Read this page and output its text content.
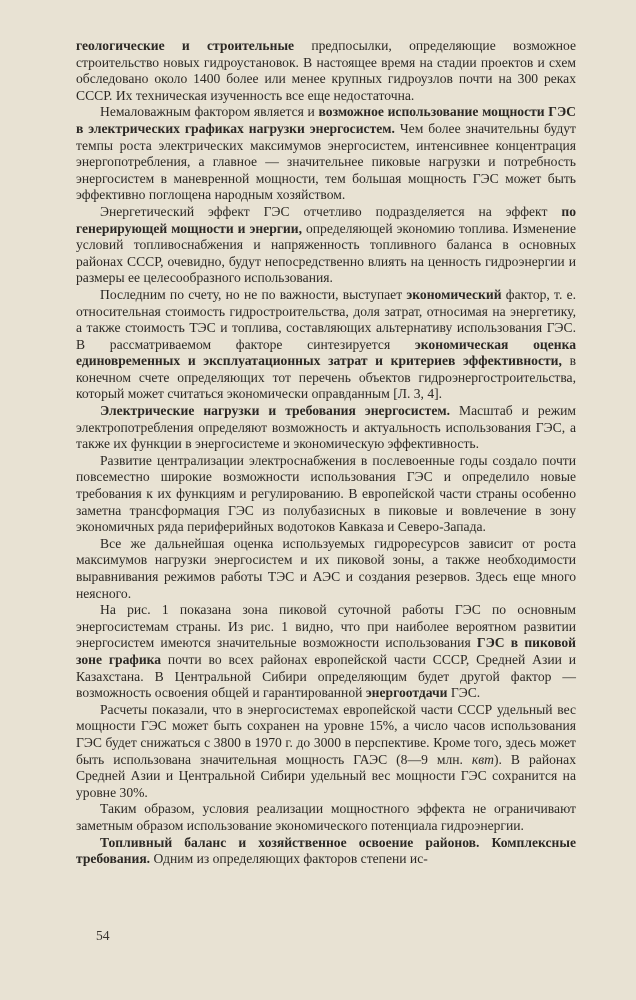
геологические и строительные предпосылки, определяющие возможное строительство новых гидроустановок. В настоящее время на стадии проектов и схем обследовано около 1400 более или менее крупных гидроузлов почти на 300 реках СССР. Их техническая изученность все еще недостаточна.

Немаловажным фактором является и возможное использование мощности ГЭС в электрических графиках нагрузки энергосистем. Чем более значительны будут темпы роста электрических максимумов энергосистем, интенсивнее концентрация энергопотребления, а главное — значительнее пиковые нагрузки и потребность энергосистем в маневренной мощности, тем большая мощность ГЭС может быть эффективно поглощена народным хозяйством.

Энергетический эффект ГЭС отчетливо подразделяется на эффект по генерирующей мощности и энергии, определяющей экономию топлива. Изменение условий топливоснабжения и напряженность топливного баланса в основных районах СССР, очевидно, будут непосредственно влиять на ценность гидроэнергии и размеры ее целесообразного использования.

Последним по счету, но не по важности, выступает экономический фактор, т. е. относительная стоимость гидростроительства, доля затрат, относимая на энергетику, а также стоимость ТЭС и топлива, составляющих альтернативу использования ГЭС. В рассматриваемом факторе синтезируется экономическая оценка единовременных и эксплуатационных затрат и критериев эффективности, в конечном счете определяющих тот перечень объектов гидроэнергостроительства, который может считаться экономически оправданным [Л. 3, 4].

Электрические нагрузки и требования энергосистем. Масштаб и режим электропотребления определяют возможность и актуальность использования ГЭС, а также их функции в энергосистеме и экономическую эффективность.

Развитие централизации электроснабжения в послевоенные годы создало почти повсеместно широкие возможности использования ГЭС и определило новые требования к их функциям и регулированию. В европейской части страны особенно заметна трансформация ГЭС из полубазисных в пиковые и вовлечение в зону экономичных ряда периферийных водотоков Кавказа и Северо-Запада.

Все же дальнейшая оценка используемых гидроресурсов зависит от роста максимумов нагрузки энергосистем и их пиковой зоны, а также необходимости выравнивания режимов работы ТЭС и АЭС и создания резервов. Здесь еще много неясного.

На рис. 1 показана зона пиковой суточной работы ГЭС по основным энергосистемам страны. Из рис. 1 видно, что при наиболее вероятном развитии энергосистем имеются значительные возможности использования ГЭС в пиковой зоне графика почти во всех районах европейской части СССР, Средней Азии и Казахстана. В Центральной Сибири определяющим будет другой фактор — возможность освоения общей и гарантированной энергоотдачи ГЭС.

Расчеты показали, что в энергосистемах европейской части СССР удельный вес мощности ГЭС может быть сохранен на уровне 15%, а число часов использования ГЭС будет снижаться с 3800 в 1970 г. до 3000 в перспективе. Кроме того, здесь может быть использована значительная мощность ГАЭС (8—9 млн. квт). В районах Средней Азии и Центральной Сибири удельный вес мощности ГЭС сохранится на уровне 30%.

Таким образом, условия реализации мощностного эффекта не ограничивают заметным образом использование экономического потенциала гидроэнергии.

Топливный баланс и хозяйственное освоение районов. Комплексные требования. Одним из определяющих факторов степени ис-

54
